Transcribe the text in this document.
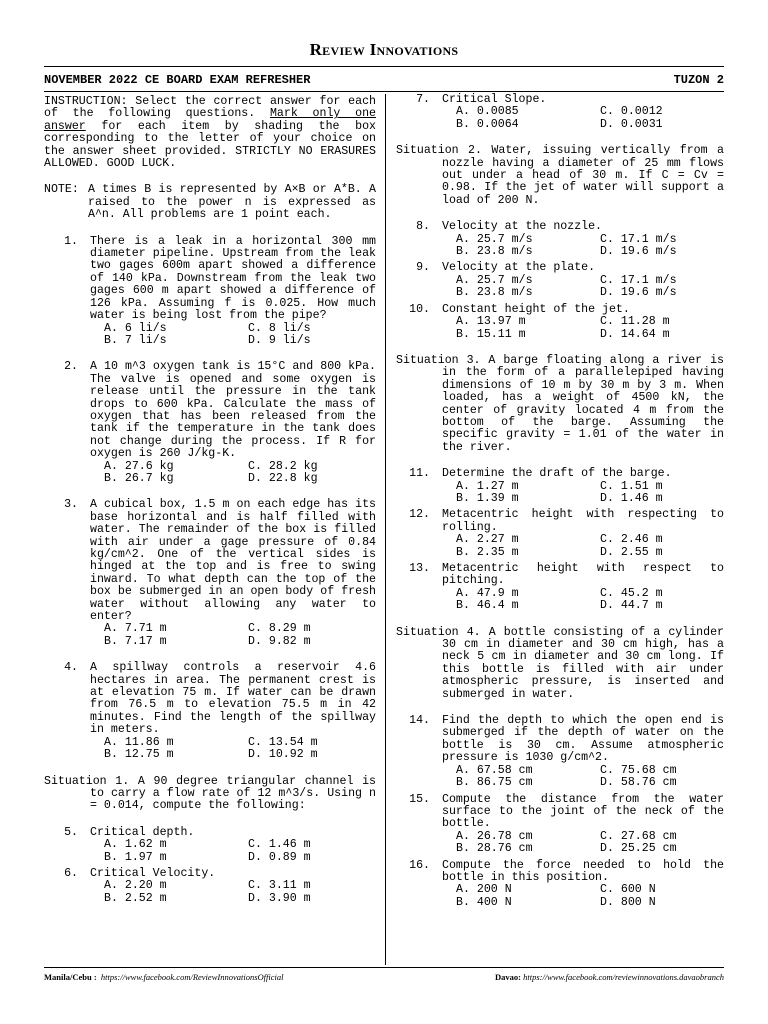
Review Innovations
NOVEMBER 2022 CE BOARD EXAM REFRESHER	TUZON 2
INSTRUCTION: Select the correct answer for each of the following questions. Mark only one answer for each item by shading the box corresponding to the letter of your choice on the answer sheet provided. STRICTLY NO ERASURES ALLOWED. GOOD LUCK.
NOTE: A times B is represented by A×B or A*B. A raised to the power n is expressed as A^n. All problems are 1 point each.
1.	There is a leak in a horizontal 300 mm diameter pipeline. Upstream from the leak two gages 600m apart showed a difference of 140 kPa. Downstream from the leak two gages 600 m apart showed a difference of 126 kPa. Assuming f is 0.025. How much water is being lost from the pipe?
A. 6 li/s	C. 8 li/s
B. 7 li/s	D. 9 li/s
2.	A 10 m^3 oxygen tank is 15°C and 800 kPa. The valve is opened and some oxygen is release until the pressure in the tank drops to 600 kPa. Calculate the mass of oxygen that has been released from the tank if the temperature in the tank does not change during the process. If R for oxygen is 260 J/kg-K.
A. 27.6 kg	C. 28.2 kg
B. 26.7 kg	D. 22.8 kg
3.	A cubical box, 1.5 m on each edge has its base horizontal and is half filled with water. The remainder of the box is filled with air under a gage pressure of 0.84 kg/cm^2. One of the vertical sides is hinged at the top and is free to swing inward. To what depth can the top of the box be submerged in an open body of fresh water without allowing any water to enter?
A. 7.71 m	C. 8.29 m
B. 7.17 m	D. 9.82 m
4.	A spillway controls a reservoir 4.6 hectares in area. The permanent crest is at elevation 75 m. If water can be drawn from 76.5 m to elevation 75.5 m in 42 minutes. Find the length of the spillway in meters.
A. 11.86 m	C. 13.54 m
B. 12.75 m	D. 10.92 m
Situation 1. A 90 degree triangular channel is to carry a flow rate of 12 m^3/s. Using n = 0.014, compute the following:
5.	Critical depth.
A. 1.62 m	C. 1.46 m
B. 1.97 m	D. 0.89 m
6.	Critical Velocity.
A. 2.20 m	C. 3.11 m
B. 2.52 m	D. 3.90 m
7.	Critical Slope.
A. 0.0085	C. 0.0012
B. 0.0064	D. 0.0031
Situation 2. Water, issuing vertically from a nozzle having a diameter of 25 mm flows out under a head of 30 m. If C = Cv = 0.98. If the jet of water will support a load of 200 N.
8.	Velocity at the nozzle.
A. 25.7 m/s	C. 17.1 m/s
B. 23.8 m/s	D. 19.6 m/s
9.	Velocity at the plate.
A. 25.7 m/s	C. 17.1 m/s
B. 23.8 m/s	D. 19.6 m/s
10.	Constant height of the jet.
A. 13.97 m	C. 11.28 m
B. 15.11 m	D. 14.64 m
Situation 3. A barge floating along a river is in the form of a parallelepiped having dimensions of 10 m by 30 m by 3 m. When loaded, has a weight of 4500 kN, the center of gravity located 4 m from the bottom of the barge. Assuming the specific gravity = 1.01 of the water in the river.
11.	Determine the draft of the barge.
A. 1.27 m	C. 1.51 m
B. 1.39 m	D. 1.46 m
12.	Metacentric height with respecting to rolling.
A. 2.27 m	C. 2.46 m
B. 2.35 m	D. 2.55 m
13.	Metacentric height with respect to pitching.
A. 47.9 m	C. 45.2 m
B. 46.4 m	D. 44.7 m
Situation 4. A bottle consisting of a cylinder 30 cm in diameter and 30 cm high, has a neck 5 cm in diameter and 30 cm long. If this bottle is filled with air under atmospheric pressure, is inserted and submerged in water.
14.	Find the depth to which the open end is submerged if the depth of water on the bottle is 30 cm. Assume atmospheric pressure is 1030 g/cm^2.
A. 67.58 cm	C. 75.68 cm
B. 86.75 cm	D. 58.76 cm
15.	Compute the distance from the water surface to the joint of the neck of the bottle.
A. 26.78 cm	C. 27.68 cm
B. 28.76 cm	D. 25.25 cm
16.	Compute the force needed to hold the bottle in this position.
A. 200 N	C. 600 N
B. 400 N	D. 800 N
Manila/Cebu : https://www.facebook.com/ReviewInnovationsOfficial	Davao: https://www.facebook.com/reviewinnovations.davaobranch
